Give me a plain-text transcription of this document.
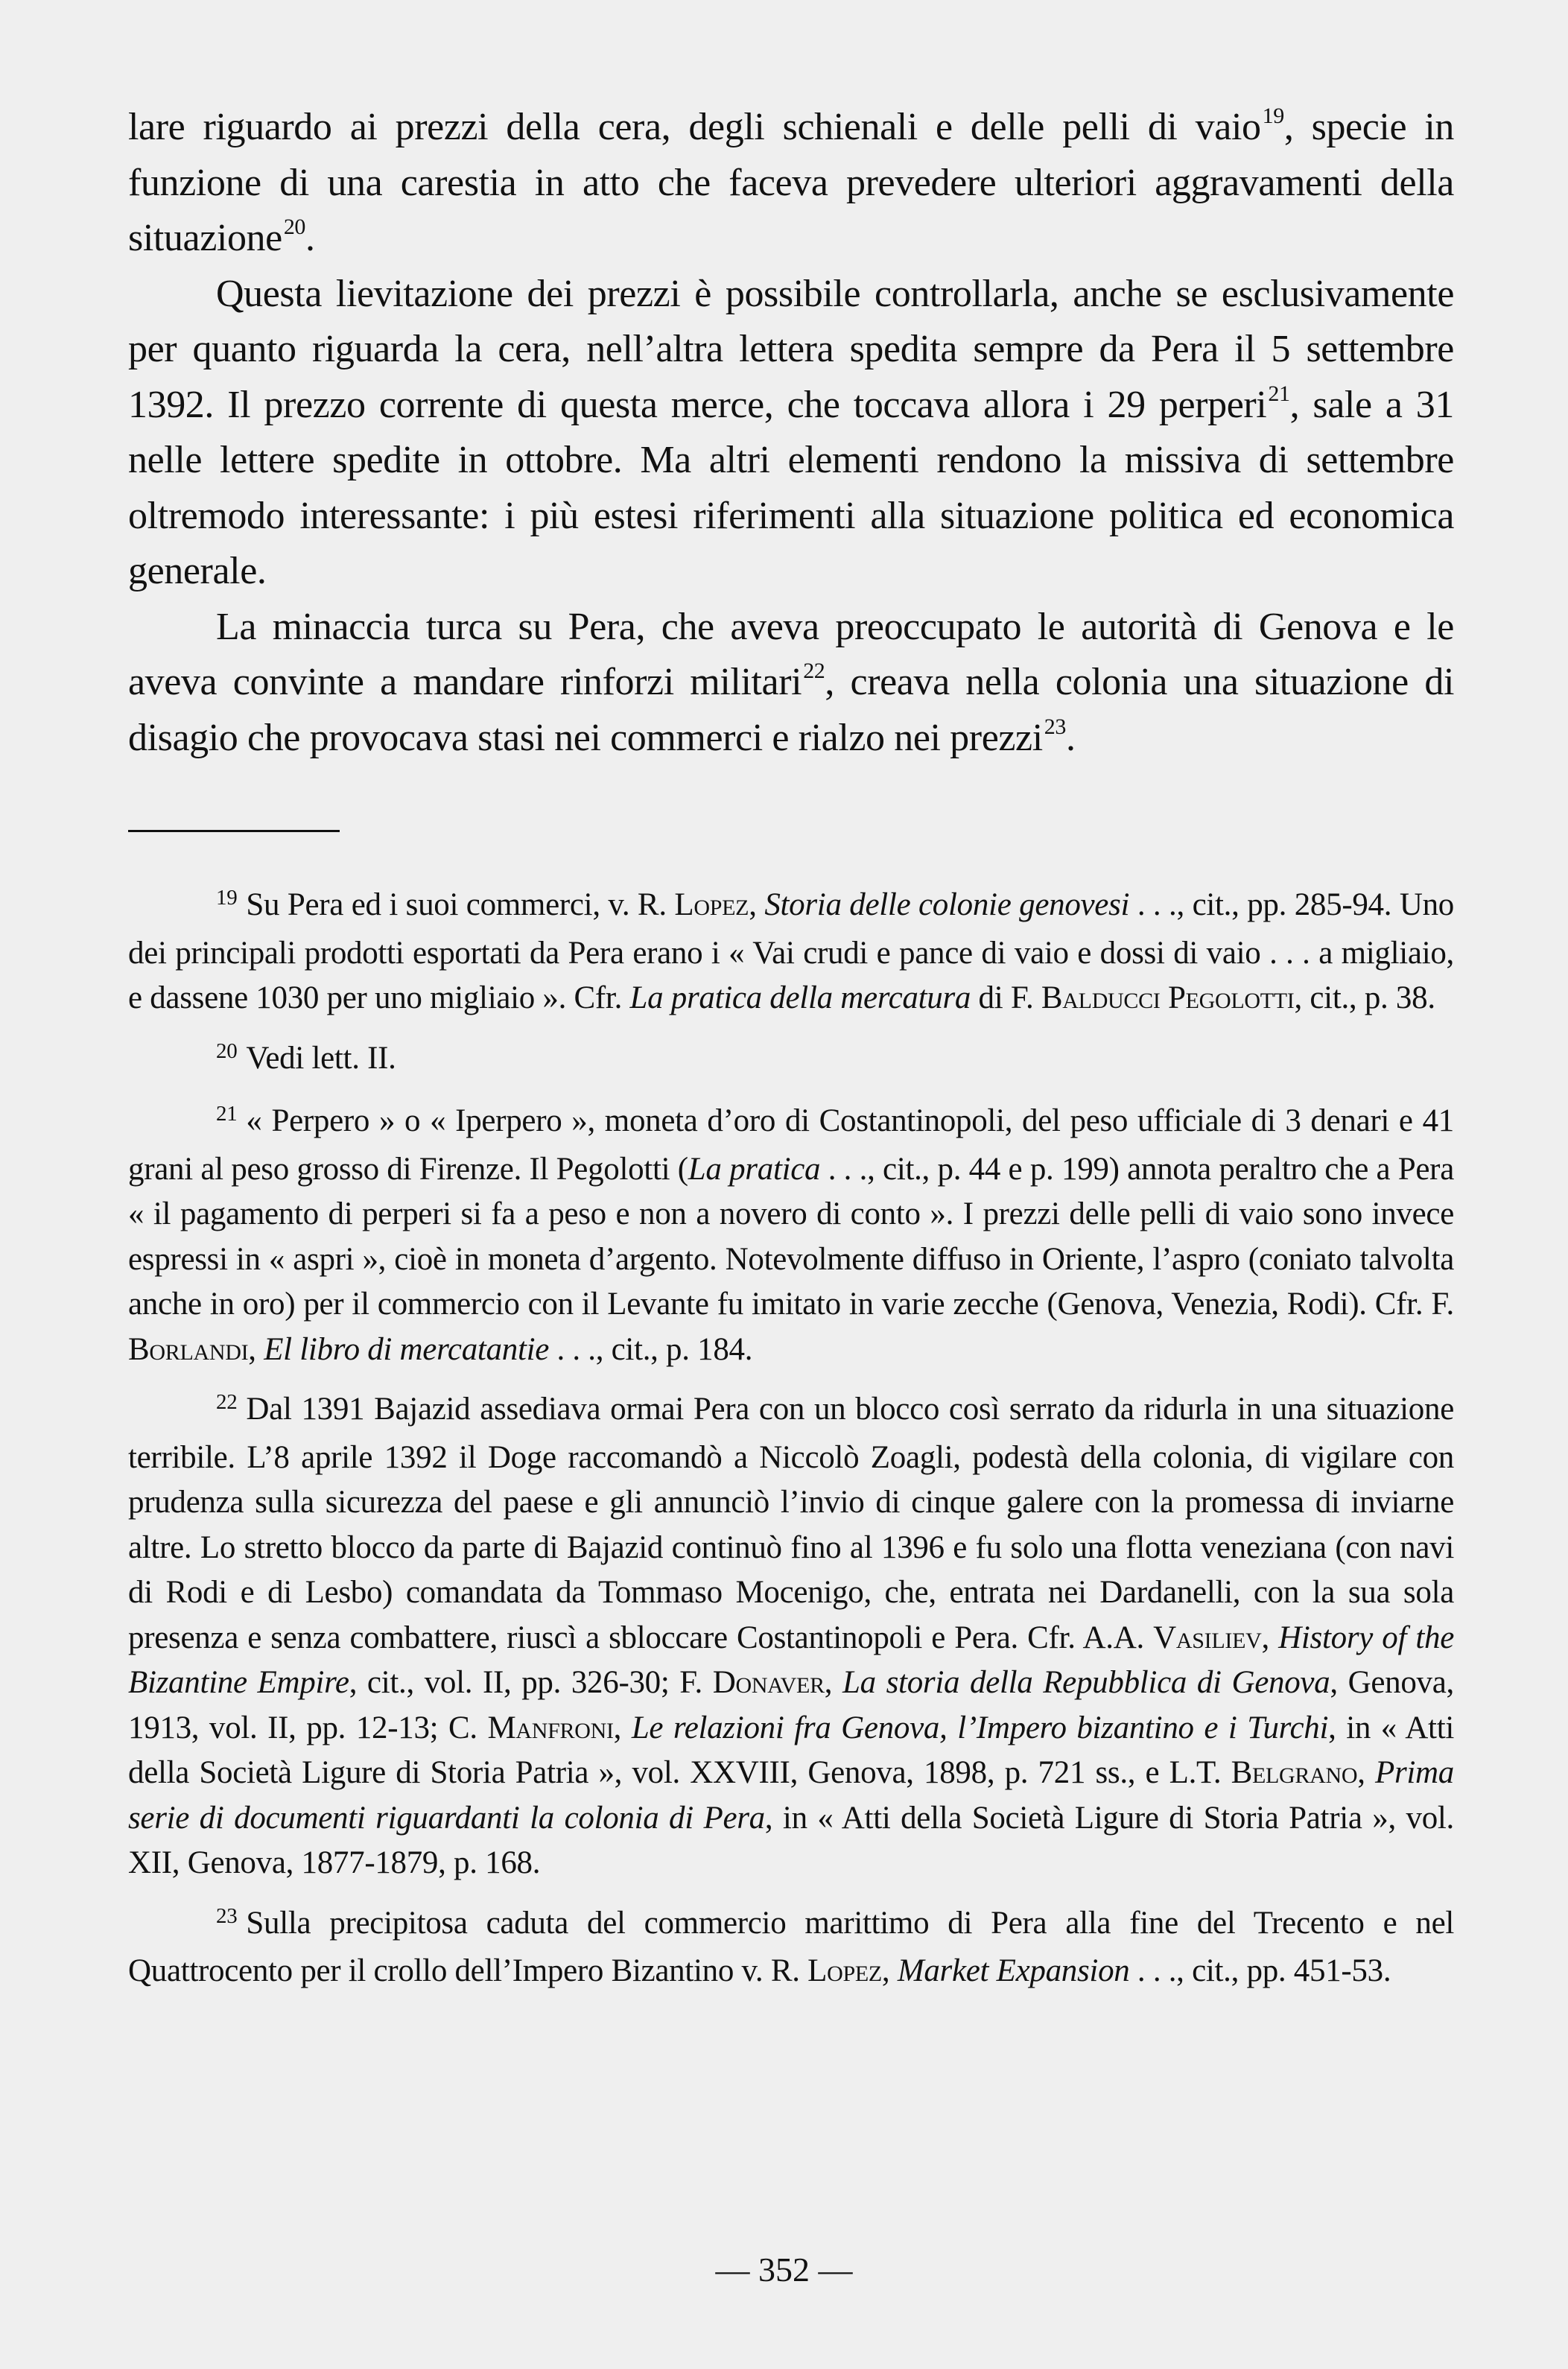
lare riguardo ai prezzi della cera, degli schienali e delle pelli di vaio$^{19}$, specie in funzione di una carestia in atto che faceva prevedere ulteriori aggravamenti della situazione$^{20}$.

Questa lievitazione dei prezzi è possibile controllarla, anche se esclusivamente per quanto riguarda la cera, nell’altra lettera spedita sempre da Pera il 5 settembre 1392. Il prezzo corrente di questa merce, che toccava allora i 29 perperi$^{21}$, sale a 31 nelle lettere spedite in ottobre. Ma altri elementi rendono la missiva di settembre oltremodo interessante: i più estesi riferimenti alla situazione politica ed economica generale.

La minaccia turca su Pera, che aveva preoccupato le autorità di Genova e le aveva convinte a mandare rinforzi militari$^{22}$, creava nella colonia una situazione di disagio che provocava stasi nei commerci e rialzo nei prezzi$^{23}$.

$^{19}$ Su Pera ed i suoi commerci, v. R. Lopez, Storia delle colonie genovesi . . ., cit., pp. 285-94. Uno dei principali prodotti esportati da Pera erano i « Vai crudi e pance di vaio e dossi di vaio . . . a migliaio, e dassene 1030 per uno migliaio ». Cfr. La pratica della mercatura di F. Balducci Pegolotti, cit., p. 38.

$^{20}$ Vedi lett. II.

$^{21}$ « Perpero » o « Iperpero », moneta d’oro di Costantinopoli, del peso ufficiale di 3 denari e 41 grani al peso grosso di Firenze. Il Pegolotti (La pratica . . ., cit., p. 44 e p. 199) annota peraltro che a Pera « il pagamento di perperi si fa a peso e non a novero di conto ». I prezzi delle pelli di vaio sono invece espressi in « aspri », cioè in moneta d’argento. Notevolmente diffuso in Oriente, l’aspro (coniato talvolta anche in oro) per il commercio con il Levante fu imitato in varie zecche (Genova, Venezia, Rodi). Cfr. F. Borlandi, El libro di mercatantie . . ., cit., p. 184.

$^{22}$ Dal 1391 Bajazid assediava ormai Pera con un blocco così serrato da ridurla in una situazione terribile. L’8 aprile 1392 il Doge raccomandò a Niccolò Zoagli, podestà della colonia, di vigilare con prudenza sulla sicurezza del paese e gli annunciò l’invio di cinque galere con la promessa di inviarne altre. Lo stretto blocco da parte di Bajazid continuò fino al 1396 e fu solo una flotta veneziana (con navi di Rodi e di Lesbo) comandata da Tommaso Mocenigo, che, entrata nei Dardanelli, con la sua sola presenza e senza combattere, riuscì a sbloccare Costantinopoli e Pera. Cfr. A.A. Vasiliev, History of the Bizantine Empire, cit., vol. II, pp. 326-30; F. Donaver, La storia della Repubblica di Genova, Genova, 1913, vol. II, pp. 12-13; C. Manfroni, Le relazioni fra Genova, l’Impero bizantino e i Turchi, in « Atti della Società Ligure di Storia Patria », vol. XXVIII, Genova, 1898, p. 721 ss., e L.T. Belgrano, Prima serie di documenti riguardanti la colonia di Pera, in « Atti della Società Ligure di Storia Patria », vol. XII, Genova, 1877-1879, p. 168.

$^{23}$ Sulla precipitosa caduta del commercio marittimo di Pera alla fine del Trecento e nel Quattrocento per il crollo dell’Impero Bizantino v. R. Lopez, Market Expansion . . ., cit., pp. 451-53.

— 352 —
